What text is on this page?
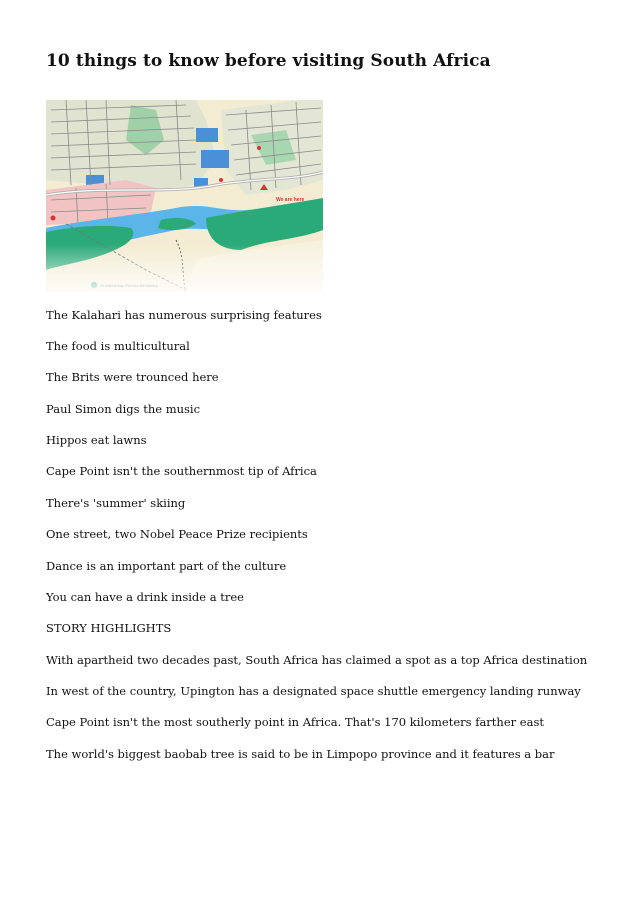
10 things to know before visiting South Africa

The Kalahari has numerous surprising features

The food is multicultural

The Brits were trounced here

Paul Simon digs the music

Hippos eat lawns

Cape Point isn't the southernmost tip of Africa

There's 'summer' skiing

One street, two Nobel Peace Prize recipients

Dance is an important part of the culture

You can have a drink inside a tree

STORY HIGHLIGHTS

With apartheid two decades past, South Africa has claimed a spot as a top Africa destination

In west of the country, Upington has a designated space shuttle emergency landing runway

Cape Point isn't the most southerly point in Africa. That's 170 kilometers farther east

The world's biggest baobab tree is said to be in Limpopo province and it features a bar
